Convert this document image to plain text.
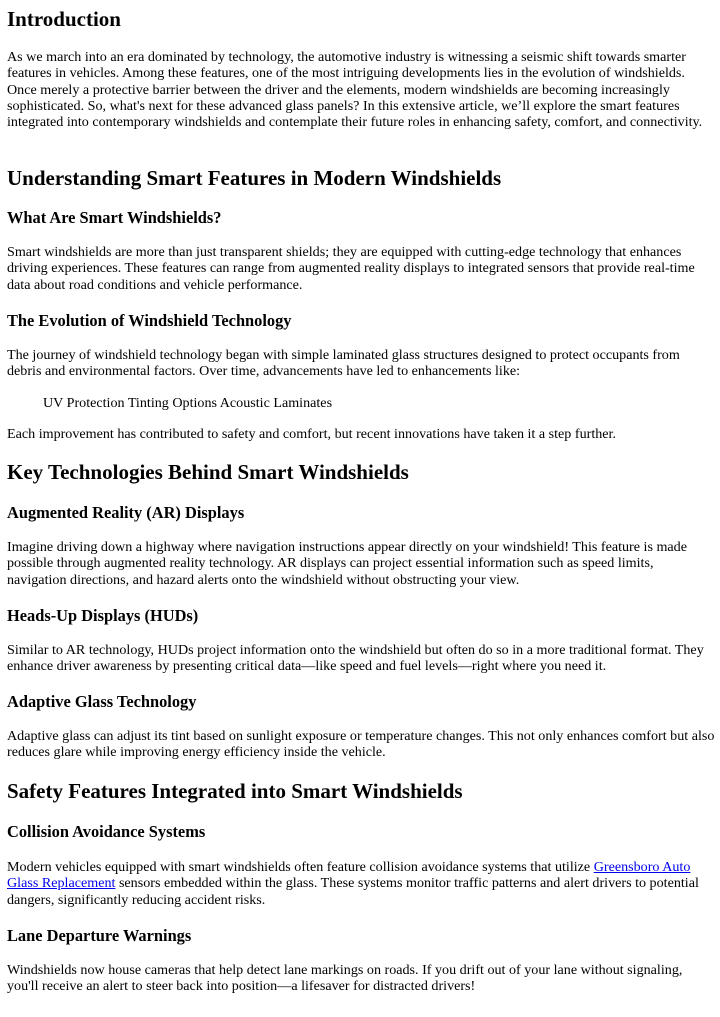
Introduction

As we march into an era dominated by technology, the automotive industry is witnessing a seismic shift towards smarter features in vehicles. Among these features, one of the most intriguing developments lies in the evolution of windshields. Once merely a protective barrier between the driver and the elements, modern windshields are becoming increasingly sophisticated. So, what's next for these advanced glass panels? In this extensive article, we’ll explore the smart features integrated into contemporary windshields and contemplate their future roles in enhancing safety, comfort, and connectivity.

Understanding Smart Features in Modern Windshields
What Are Smart Windshields?

Smart windshields are more than just transparent shields; they are equipped with cutting-edge technology that enhances driving experiences. These features can range from augmented reality displays to integrated sensors that provide real-time data about road conditions and vehicle performance.

The Evolution of Windshield Technology

The journey of windshield technology began with simple laminated glass structures designed to protect occupants from debris and environmental factors. Over time, advancements have led to enhancements like:

UV Protection Tinting Options Acoustic Laminates

Each improvement has contributed to safety and comfort, but recent innovations have taken it a step further.

Key Technologies Behind Smart Windshields
Augmented Reality (AR) Displays

Imagine driving down a highway where navigation instructions appear directly on your windshield! This feature is made possible through augmented reality technology. AR displays can project essential information such as speed limits, navigation directions, and hazard alerts onto the windshield without obstructing your view.

Heads-Up Displays (HUDs)

Similar to AR technology, HUDs project information onto the windshield but often do so in a more traditional format. They enhance driver awareness by presenting critical data—like speed and fuel levels—right where you need it.

Adaptive Glass Technology

Adaptive glass can adjust its tint based on sunlight exposure or temperature changes. This not only enhances comfort but also reduces glare while improving energy efficiency inside the vehicle.

Safety Features Integrated into Smart Windshields
Collision Avoidance Systems

Modern vehicles equipped with smart windshields often feature collision avoidance systems that utilize Greensboro Auto Glass Replacement sensors embedded within the glass. These systems monitor traffic patterns and alert drivers to potential dangers, significantly reducing accident risks.

Lane Departure Warnings

Windshields now house cameras that help detect lane markings on roads. If you drift out of your lane without signaling, you'll receive an alert to steer back into position—a lifesaver for distracted drivers!
